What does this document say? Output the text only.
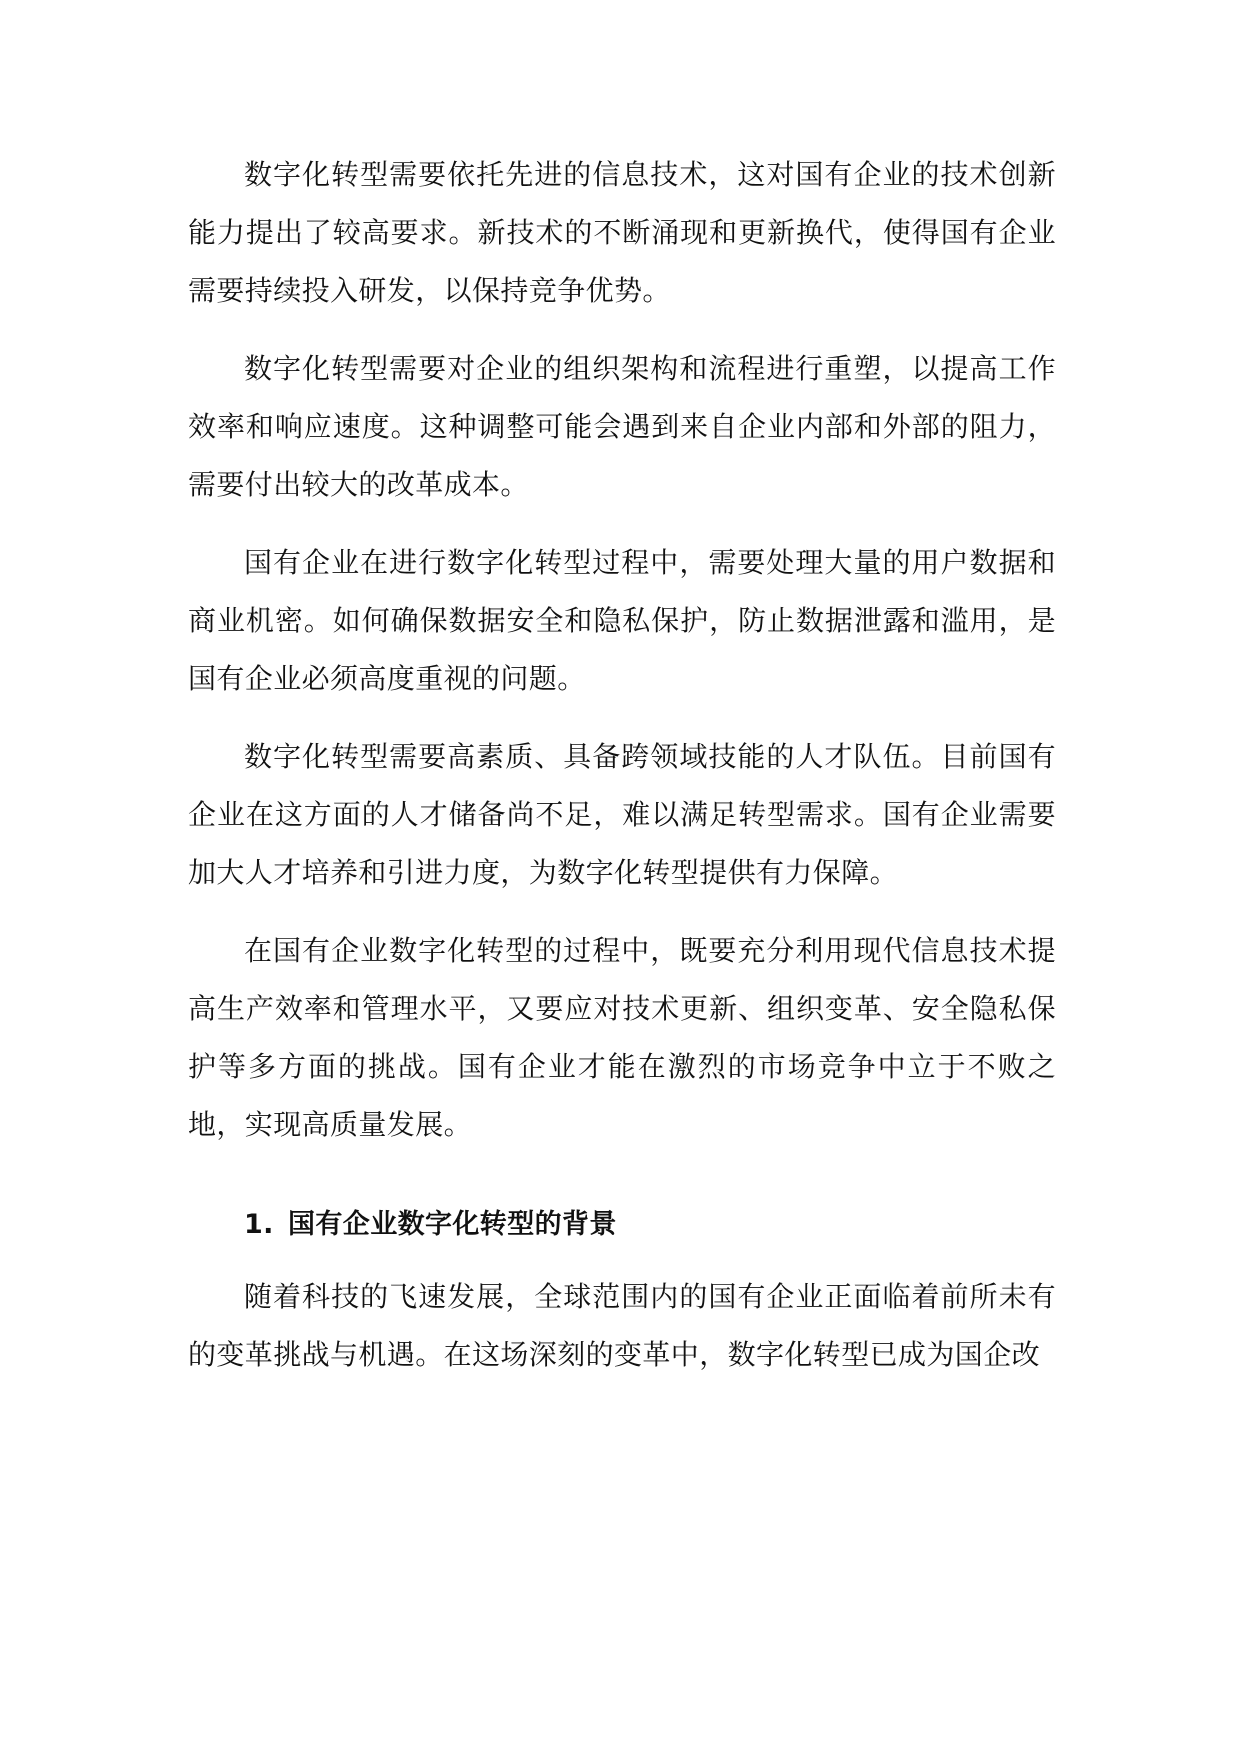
数字化转型需要依托先进的信息技术，这对国有企业的技术创新能力提出了较高要求。新技术的不断涌现和更新换代，使得国有企业需要持续投入研发，以保持竞争优势。

数字化转型需要对企业的组织架构和流程进行重塑，以提高工作效率和响应速度。这种调整可能会遇到来自企业内部和外部的阻力，需要付出较大的改革成本。

国有企业在进行数字化转型过程中，需要处理大量的用户数据和商业机密。如何确保数据安全和隐私保护，防止数据泄露和滥用，是国有企业必须高度重视的问题。

数字化转型需要高素质、具备跨领域技能的人才队伍。目前国有企业在这方面的人才储备尚不足，难以满足转型需求。国有企业需要加大人才培养和引进力度，为数字化转型提供有力保障。

在国有企业数字化转型的过程中，既要充分利用现代信息技术提高生产效率和管理水平，又要应对技术更新、组织变革、安全隐私保护等多方面的挑战。国有企业才能在激烈的市场竞争中立于不败之地，实现高质量发展。

1. 国有企业数字化转型的背景

随着科技的飞速发展，全球范围内的国有企业正面临着前所未有的变革挑战与机遇。在这场深刻的变革中，数字化转型已成为国企改
